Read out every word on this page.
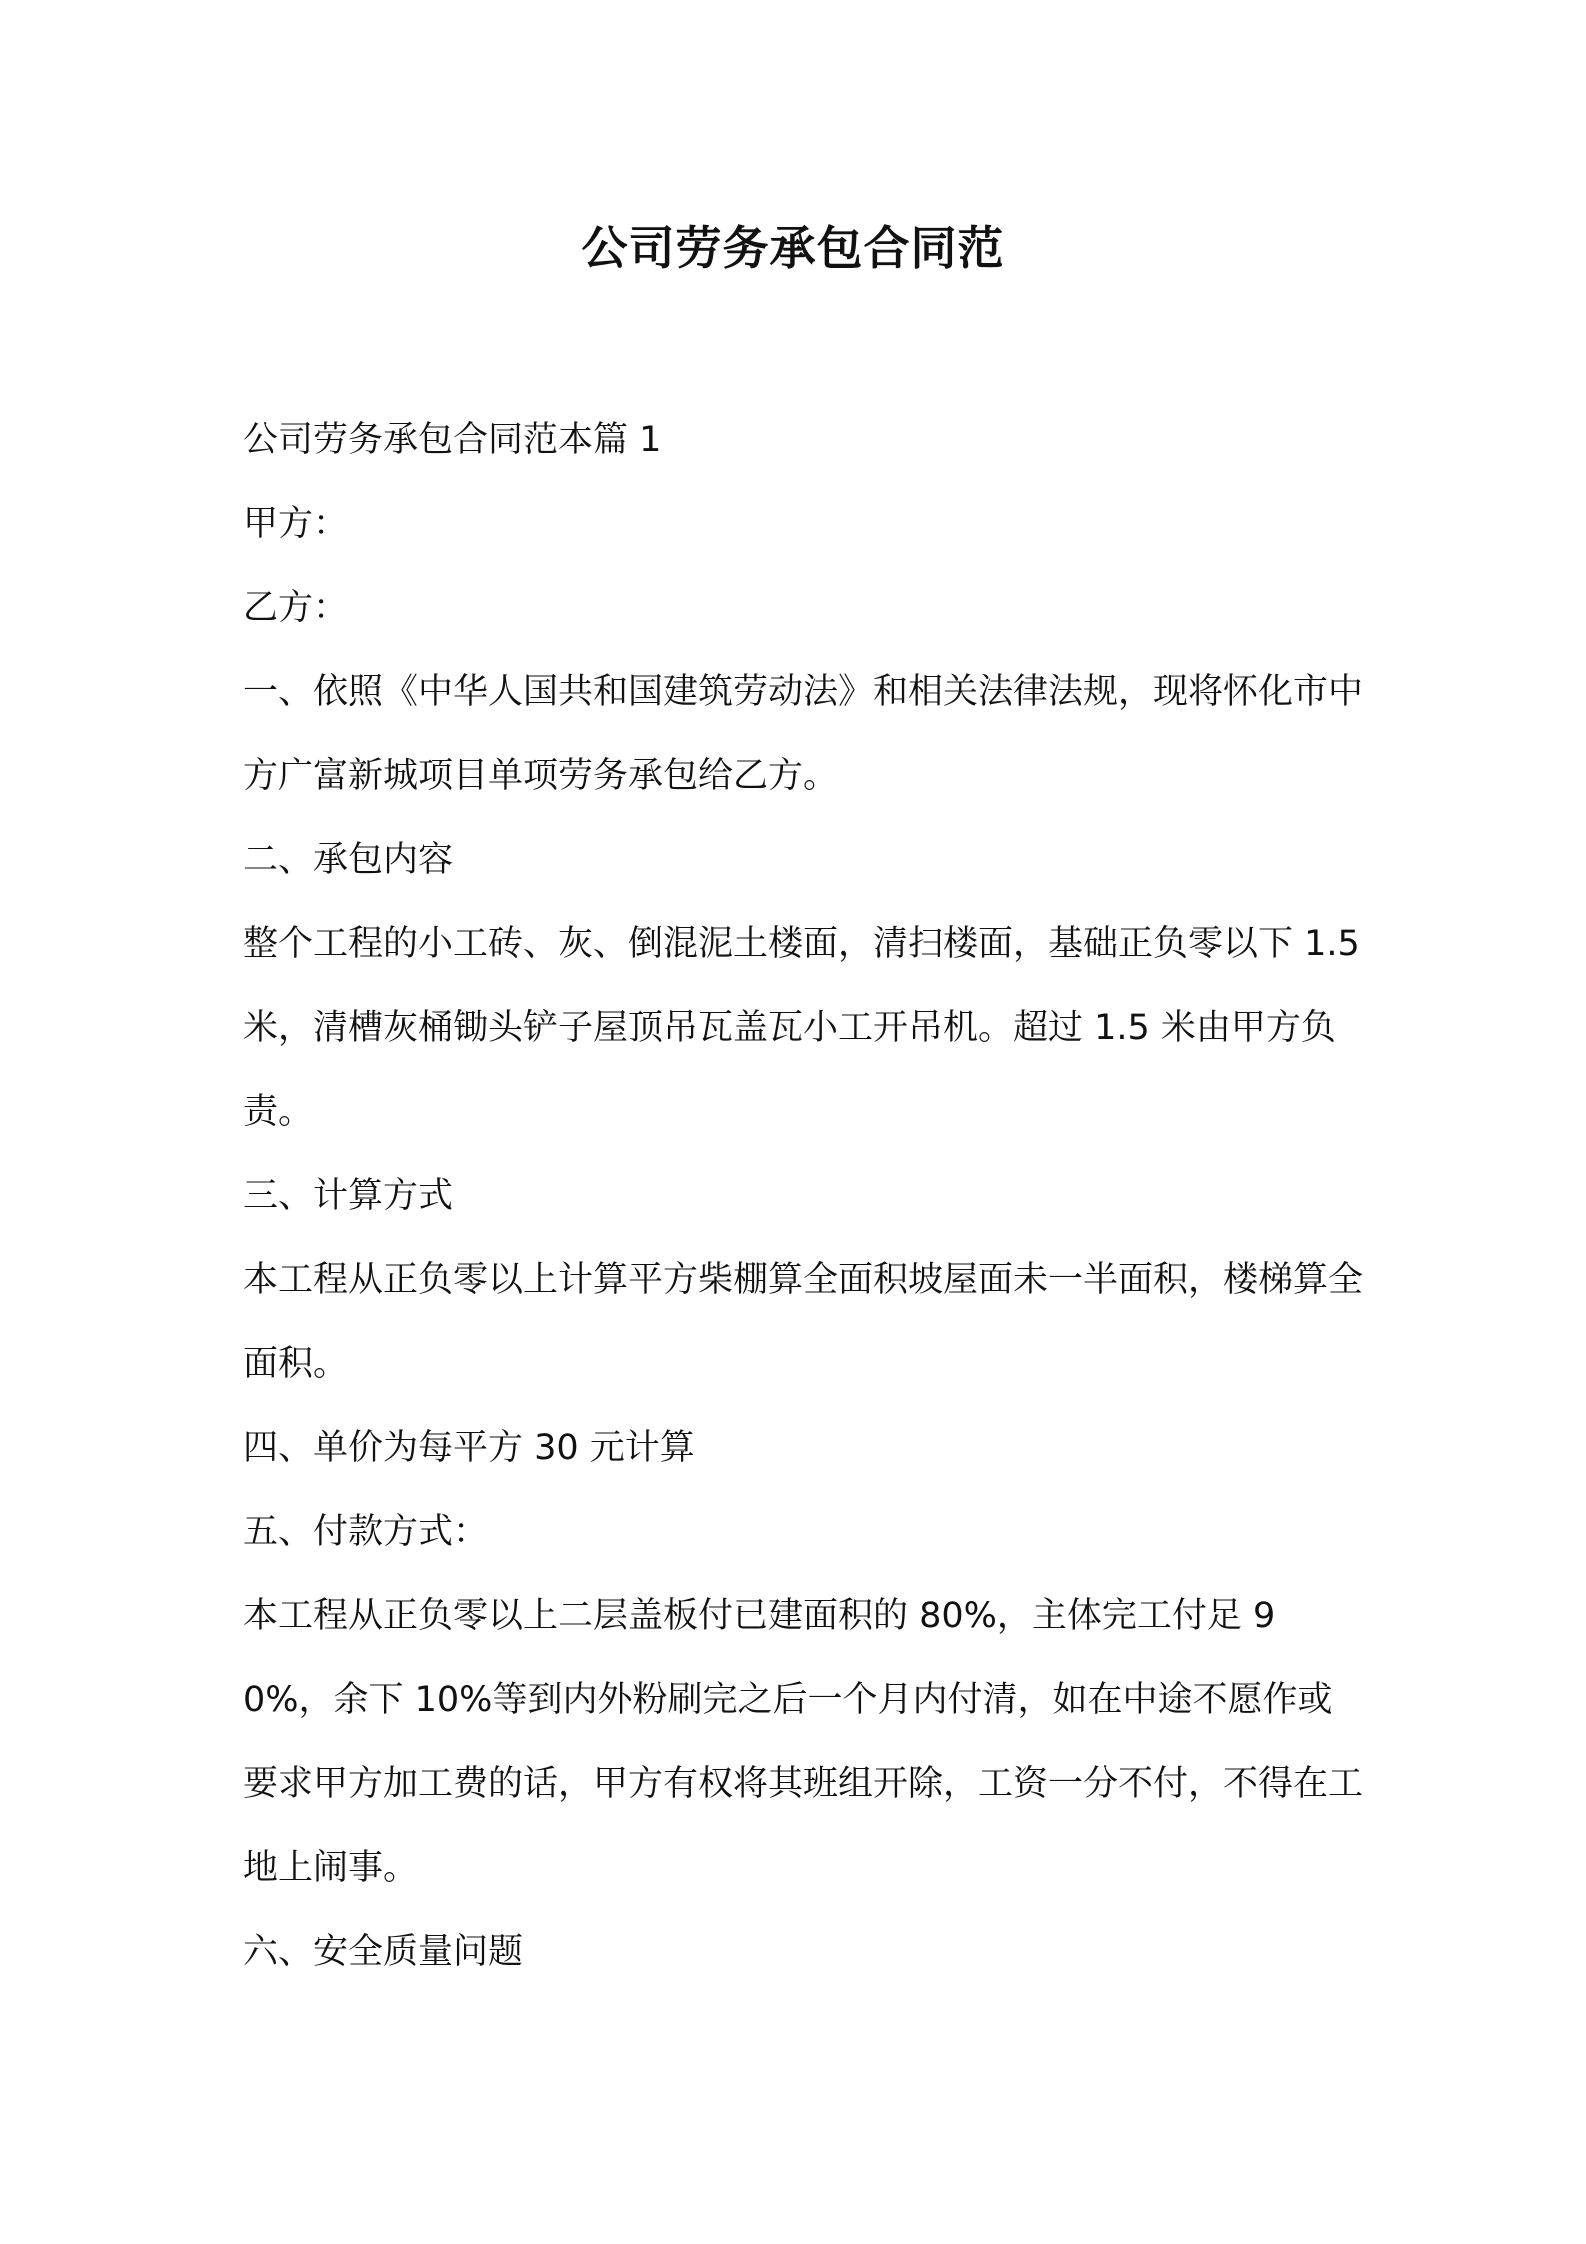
公司劳务承包合同范

公司劳务承包合同范本篇 1

甲方：

乙方：

一、依照《中华人国共和国建筑劳动法》和相关法律法规，现将怀化市中方广富新城项目单项劳务承包给乙方。

二、承包内容

整个工程的小工砖、灰、倒混泥土楼面，清扫楼面，基础正负零以下 1.5 米，清槽灰桶锄头铲子屋顶吊瓦盖瓦小工开吊机。超过 1.5 米由甲方负责。

三、计算方式

本工程从正负零以上计算平方柴棚算全面积坡屋面未一半面积，楼梯算全面积。

四、单价为每平方 30 元计算

五、付款方式：

本工程从正负零以上二层盖板付已建面积的 80%，主体完工付足 90%，余下 10%等到内外粉刷完之后一个月内付清，如在中途不愿作或要求甲方加工费的话，甲方有权将其班组开除，工资一分不付，不得在工地上闹事。

六、安全质量问题
